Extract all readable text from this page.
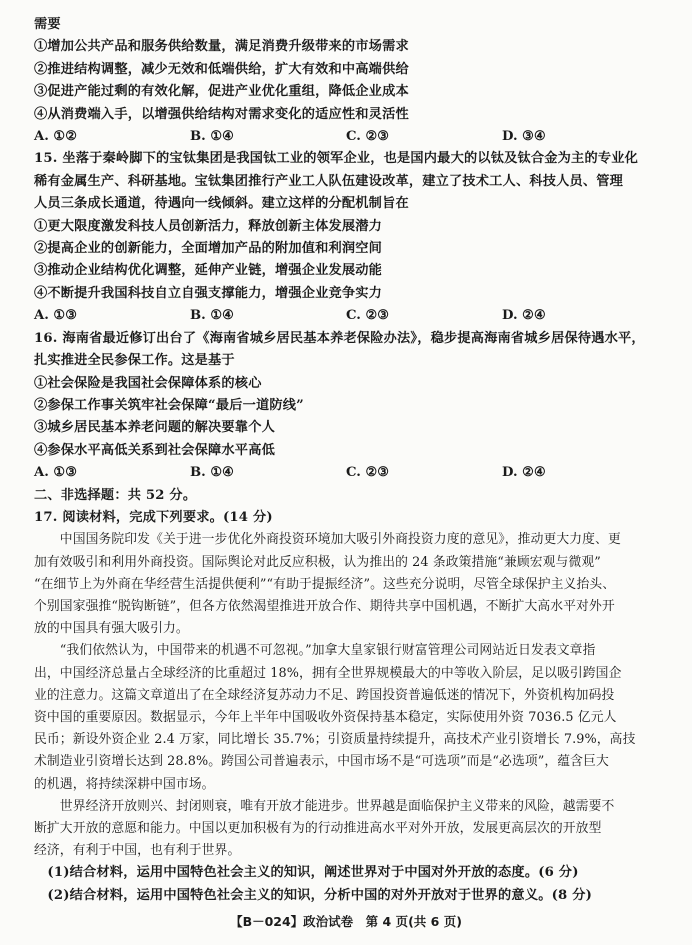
需要
①增加公共产品和服务供给数量，满足消费升级带来的市场需求
②推进结构调整，减少无效和低端供给，扩大有效和中高端供给
③促进产能过剩的有效化解，促进产业优化重组，降低企业成本
④从消费端入手，以增强供给结构对需求变化的适应性和灵活性
A. ①②	B. ①④	C. ②③	D. ③④
15. 坐落于秦岭脚下的宝钛集团是我国钛工业的领军企业，也是国内最大的以钛及钛合金为主的专业化
稀有金属生产、科研基地。宝钛集团推行产业工人队伍建设改革，建立了技术工人、科技人员、管理
人员三条成长通道，待遇向一线倾斜。建立这样的分配机制旨在
①更大限度激发科技人员创新活力，释放创新主体发展潜力
②提高企业的创新能力，全面增加产品的附加值和利润空间
③推动企业结构优化调整，延伸产业链，增强企业发展动能
④不断提升我国科技自立自强支撑能力，增强企业竞争实力
A. ①③	B. ①④	C. ②③	D. ②④
16. 海南省最近修订出台了《海南省城乡居民基本养老保险办法》，稳步提高海南省城乡居保待遇水平，
扎实推进全民参保工作。这是基于
①社会保险是我国社会保障体系的核心
②参保工作事关筑牢社会保障“最后一道防线”
③城乡居民基本养老问题的解决要靠个人
④参保水平高低关系到社会保障水平高低
A. ①③	B. ①④	C. ②③	D. ②④
二、非选择题：共 52 分。
17. 阅读材料，完成下列要求。(14 分)
　　中国国务院印发《关于进一步优化外商投资环境加大吸引外商投资力度的意见》，推动更大力度、更
加有效吸引和利用外商投资。国际舆论对此反应积极，认为推出的 24 条政策措施“兼顾宏观与微观”
“在细节上为外商在华经营生活提供便利”“有助于提振经济”。这些充分说明，尽管全球保护主义抬头、
个别国家强推“脱钩断链”，但各方依然渴望推进开放合作、期待共享中国机遇，不断扩大高水平对外开
放的中国具有强大吸引力。
　　“我们依然认为，中国带来的机遇不可忽视。”加拿大皇家银行财富管理公司网站近日发表文章指
出，中国经济总量占全球经济的比重超过 18%，拥有全世界规模最大的中等收入阶层，足以吸引跨国企
业的注意力。这篇文章道出了在全球经济复苏动力不足、跨国投资普遍低迷的情况下，外资机构加码投
资中国的重要原因。数据显示，今年上半年中国吸收外资保持基本稳定，实际使用外资 7036.5 亿元人
民币；新设外资企业 2.4 万家，同比增长 35.7%；引资质量持续提升，高技术产业引资增长 7.9%，高技
术制造业引资增长达到 28.8%。跨国公司普遍表示，中国市场不是“可选项”而是“必选项”，蕴含巨大
的机遇，将持续深耕中国市场。
　　世界经济开放则兴、封闭则衰，唯有开放才能进步。世界越是面临保护主义带来的风险，越需要不
断扩大开放的意愿和能力。中国以更加积极有为的行动推进高水平对外开放，发展更高层次的开放型
经济，有利于中国，也有利于世界。
　(1)结合材料，运用中国特色社会主义的知识，阐述世界对于中国对外开放的态度。(6 分)
　(2)结合材料，运用中国特色社会主义的知识，分析中国的对外开放对于世界的意义。(8 分)
【B－024】政治试卷　第 4 页(共 6 页)
